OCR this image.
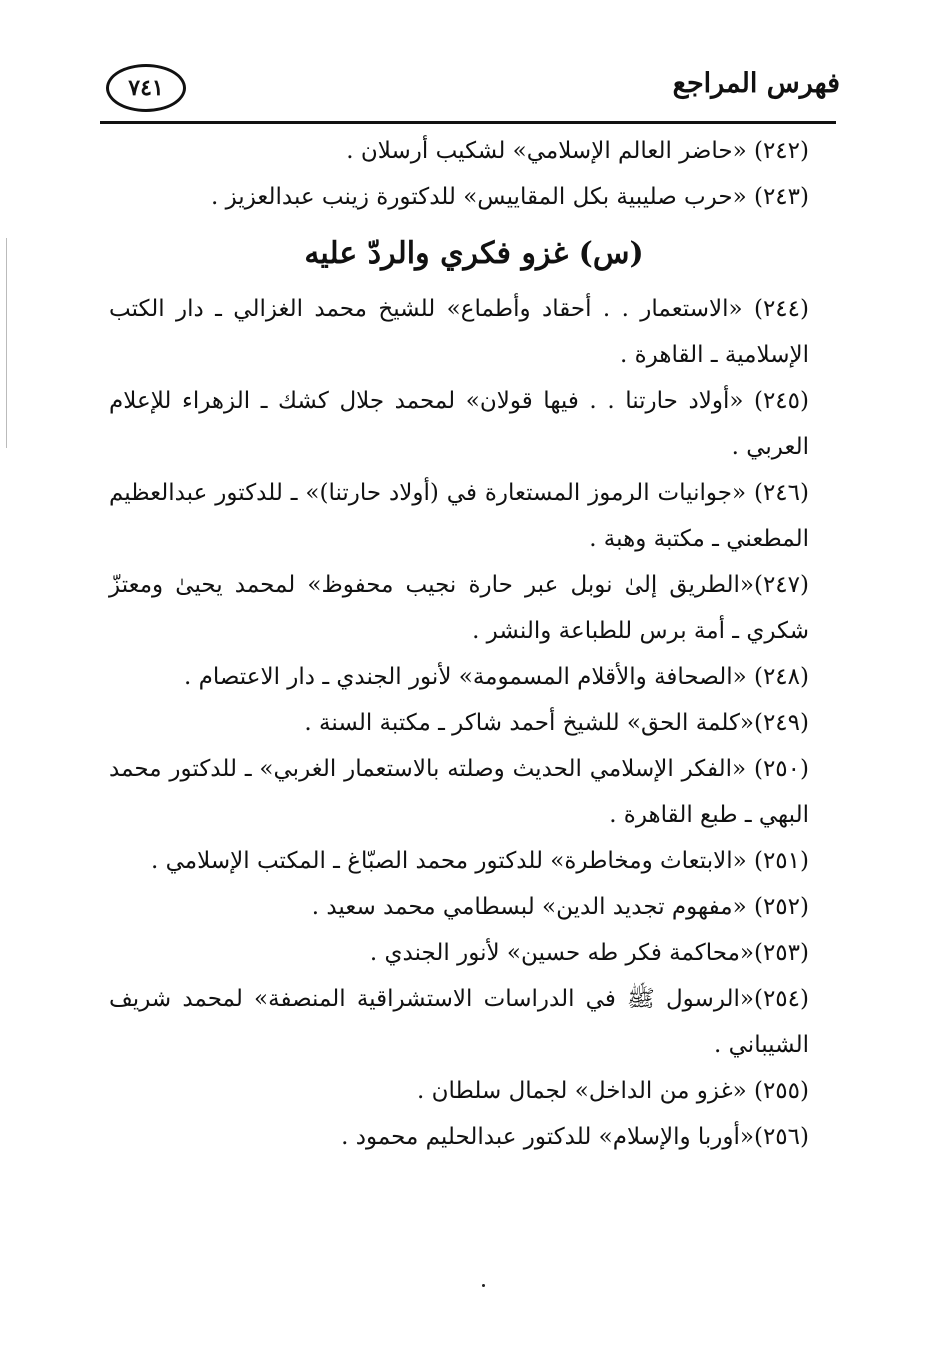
فهرس المراجع
٧٤١

(٢٤٢) «حاضر العالم الإسلامي» لشكيب أرسلان .

(٢٤٣) «حرب صليبية بكل المقاييس» للدكتورة زينب عبدالعزيز .

(س) غزو فكري والردّ عليه

(٢٤٤) «الاستعمار . . أحقاد وأطماع» للشيخ محمد الغزالي ـ دار الكتب الإسلامية ـ القاهرة .

(٢٤٥) «أولاد حارتنا . . فيها قولان» لمحمد جلال كشك ـ الزهراء للإعلام العربي .

(٢٤٦) «جوانيات الرموز المستعارة في (أولاد حارتنا)» ـ للدكتور عبدالعظيم المطعني ـ مكتبة وهبة .

(٢٤٧)«الطريق إلىٰ نوبل عبر حارة نجيب محفوظ» لمحمد يحيىٰ ومعتزّ شكري ـ أمة برس للطباعة والنشر .

(٢٤٨) «الصحافة والأقلام المسمومة» لأنور الجندي ـ دار الاعتصام .

(٢٤٩)«كلمة الحق» للشيخ أحمد شاكر ـ مكتبة السنة .

(٢٥٠) «الفكر الإسلامي الحديث وصلته بالاستعمار الغربي» ـ للدكتور محمد البهي ـ طبع القاهرة .

(٢٥١) «الابتعاث ومخاطرة» للدكتور محمد الصبّاغ ـ المكتب الإسلامي .

(٢٥٢) «مفهوم تجديد الدين» لبسطامي محمد سعيد .

(٢٥٣)«محاكمة فكر طه حسين» لأنور الجندي .

(٢٥٤)«الرسول ﷺ في الدراسات الاستشراقية المنصفة» لمحمد شريف الشيباني .

(٢٥٥) «غزو من الداخل» لجمال سلطان .

(٢٥٦)«أوربا والإسلام» للدكتور عبدالحليم محمود .
